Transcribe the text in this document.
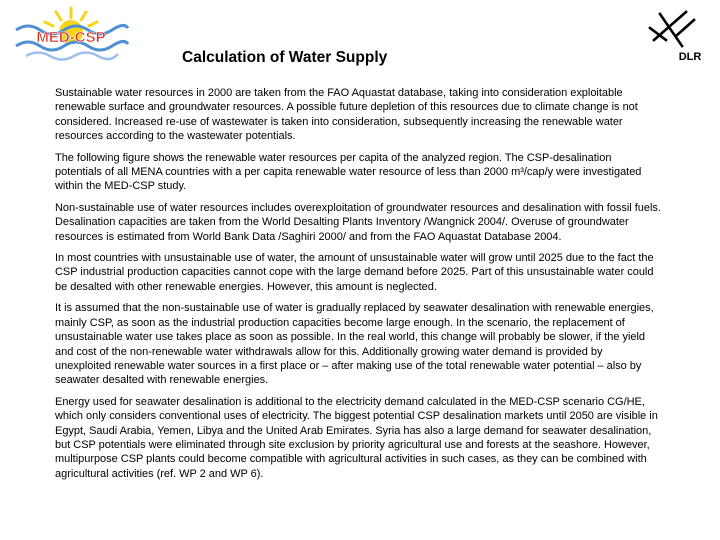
MED-CSP
DLR
Calculation of Water Supply

Sustainable water resources in 2000 are taken from the FAO Aquastat database, taking into consideration exploitable renewable surface and groundwater resources. A possible future depletion of this resources due to climate change is not considered. Increased re-use of wastewater is taken into consideration, subsequently increasing the renewable water resources according to the wastewater potentials.

The following figure shows the renewable water resources per capita of the analyzed region. The CSP-desalination potentials of all MENA countries with a per capita renewable water resource of less than 2000 m³/cap/y were investigated within the MED-CSP study.

Non-sustainable use of water resources includes overexploitation of groundwater resources and desalination with fossil fuels. Desalination capacities are taken from the World Desalting Plants Inventory /Wangnick 2004/. Overuse of groundwater resources is estimated from World Bank Data /Saghiri 2000/ and from the FAO Aquastat Database 2004.

In most countries with unsustainable use of water, the amount of unsustainable water will grow until 2025 due to the fact the CSP industrial production capacities cannot cope with the large demand before 2025. Part of this unsustainable water could be desalted with other renewable energies. However, this amount is neglected.

It is assumed that the non-sustainable use of water is gradually replaced by seawater desalination with renewable energies, mainly CSP, as soon as the industrial production capacities become large enough. In the scenario, the replacement of unsustainable water use takes place as soon as possible. In the real world, this change will probably be slower, if the yield and cost of the non-renewable water withdrawals allow for this. Additionally growing water demand is provided by unexploited renewable water sources in a first place or – after making use of the total renewable water potential – also by seawater desalted with renewable energies.

Energy used for seawater desalination is additional to the electricity demand calculated in the MED-CSP scenario CG/HE, which only considers conventional uses of electricity. The biggest potential CSP desalination markets until 2050 are visible in Egypt, Saudi Arabia, Yemen, Libya and the United Arab Emirates. Syria has also a large demand for seawater desalination, but CSP potentials were eliminated through site exclusion by priority agricultural use and forests at the seashore. However, multipurpose CSP plants could become compatible with agricultural activities in such cases, as they can be combined with agricultural activities (ref. WP 2 and WP 6).
